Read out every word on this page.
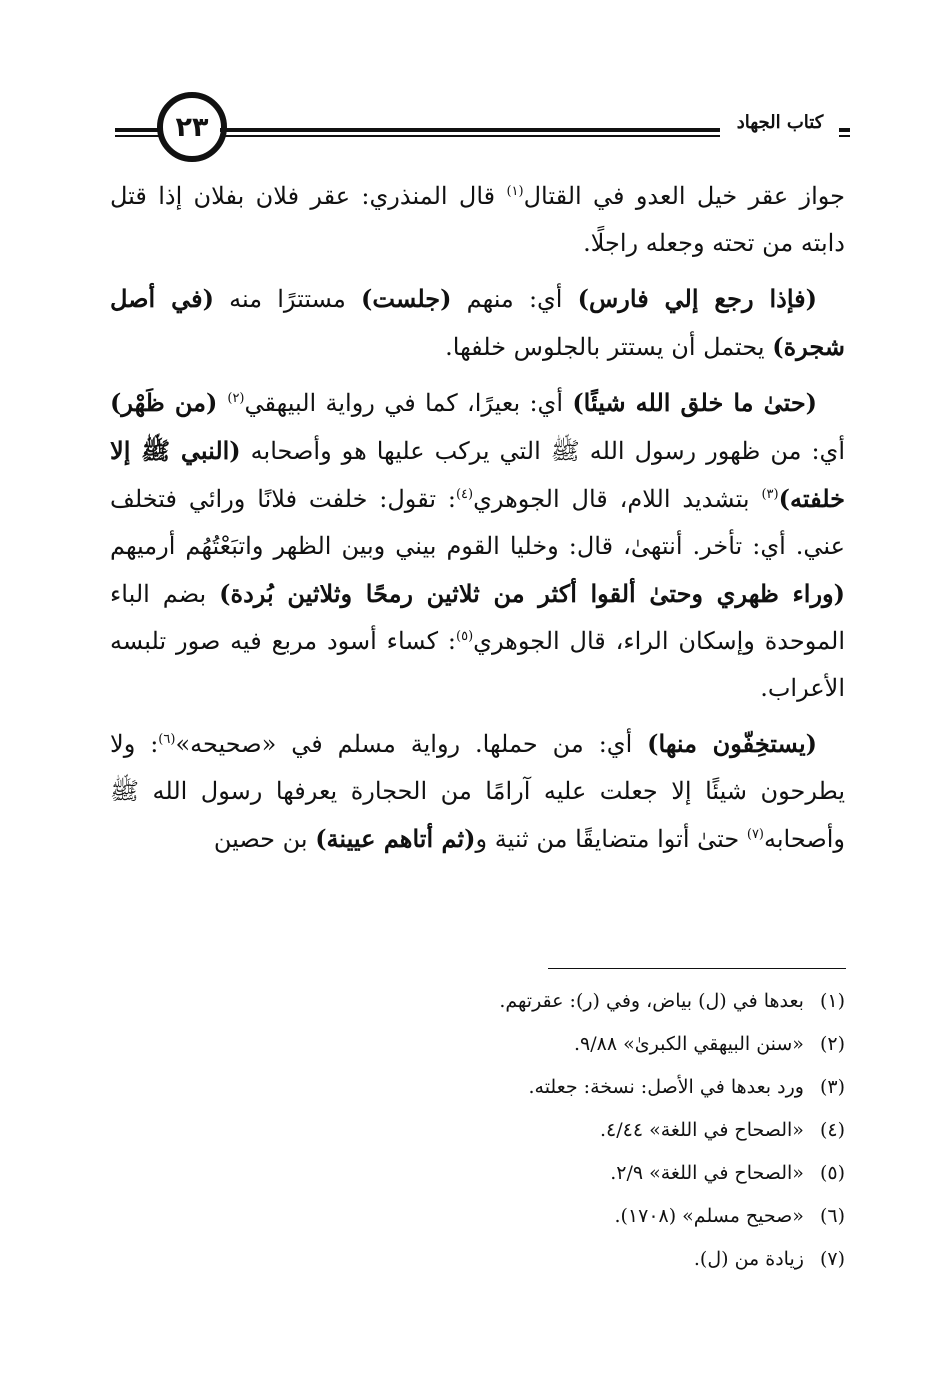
٢٣	كتاب الجهاد

جواز عقر خيل العدو في القتال$^{(١)}$ قال المنذري: عقر فلان بفلان إذا قتل دابته من تحته وجعله راجلًا.

(فإذا رجع إلي فارس) أي: منهم (جلست) مستترًا منه (في أصل شجرة) يحتمل أن يستتر بالجلوس خلفها.

(حتىٰ ما خلق الله شيئًا) أي: بعيرًا، كما في رواية البيهقي$^{(٢)}$ (من ظَهْر) أي: من ظهور رسول الله ﷺ التي يركب عليها هو وأصحابه (النبي ﷺ إلا خلفته)$^{(٣)}$ بتشديد اللام، قال الجوهري$^{(٤)}$: تقول: خلفت فلانًا ورائي فتخلف عني. أي: تأخر. أنتهىٰ، قال: وخليا القوم بيني وبين الظهر واتبَعْتُهُم أرميهم (وراء ظهري وحتىٰ ألقوا أكثر من ثلاثين رمحًا وثلاثين بُردة) بضم الباء الموحدة وإسكان الراء، قال الجوهري$^{(٥)}$: كساء أسود مربع فيه صور تلبسه الأعراب.

(يستخِفّون منها) أي: من حملها. رواية مسلم في «صحيحه»$^{(٦)}$: ولا يطرحون شيئًا إلا جعلت عليه آرامًا من الحجارة يعرفها رسول الله ﷺ وأصحابه$^{(٧)}$ حتىٰ أتوا متضايقًا من ثنية و(ثم أتاهم عيينة) بن حصين

(١)
بعدها في (ل) بياض، وفي (ر): عقرتهم.
(٢)
«سنن البيهقي الكبرىٰ» ٩/٨٨.
(٣)
ورد بعدها في الأصل: نسخة: جعلته.
(٤)
«الصحاح في اللغة» ٤/٤٤.
(٥)
«الصحاح في اللغة» ٢/٩.
(٦)
«صحيح مسلم» (١٧٠٨).
(٧)
زيادة من (ل).
